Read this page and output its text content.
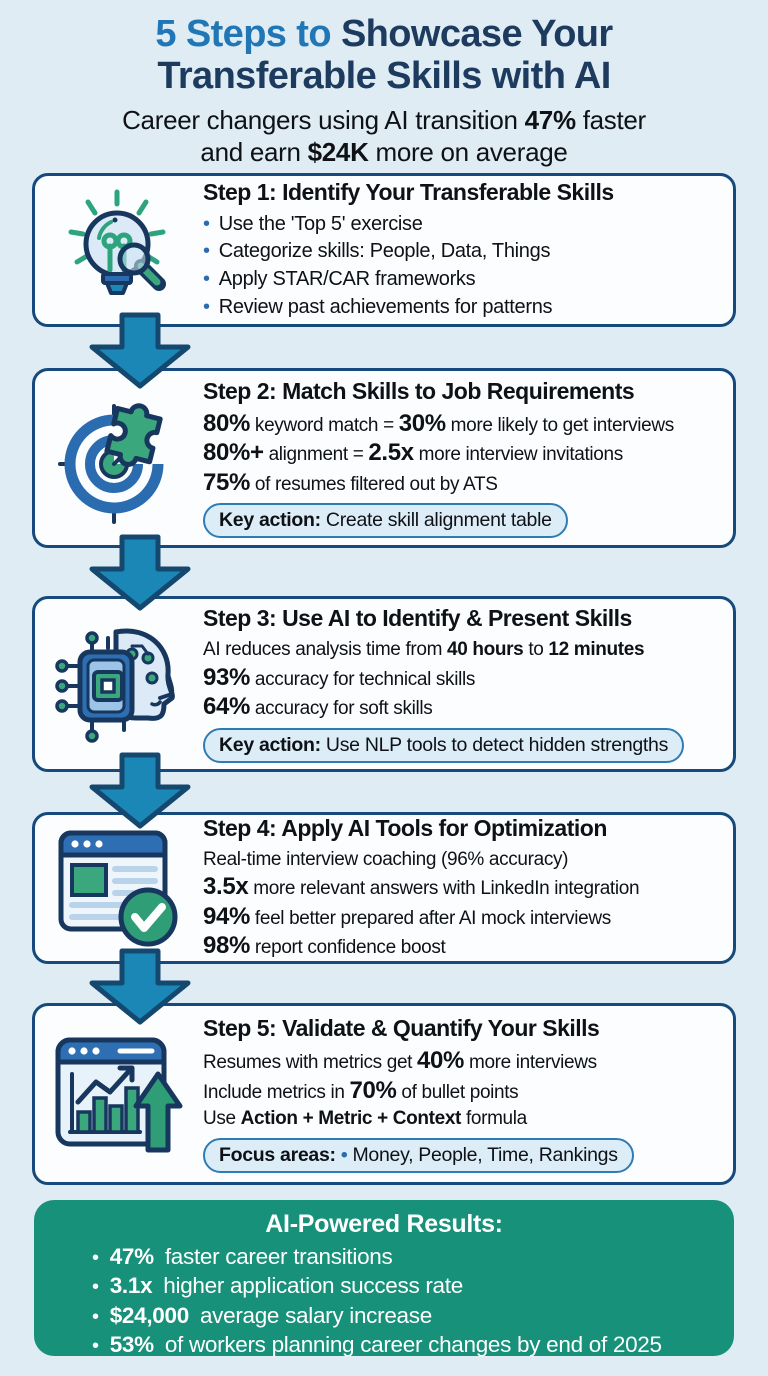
5 Steps to Showcase Your
Transferable Skills with AI
Career changers using AI transition 47% faster
and earn $24K more on average
Step 1: Identify Your Transferable Skills
• Use the 'Top 5' exercise
• Categorize skills: People, Data, Things
• Apply STAR/CAR frameworks
• Review past achievements for patterns
Step 2: Match Skills to Job Requirements
80% keyword match = 30% more likely to get interviews
80%+ alignment = 2.5x more interview invitations
75% of resumes filtered out by ATS
Key action: Create skill alignment table
Step 3: Use AI to Identify & Present Skills
AI reduces analysis time from 40 hours to 12 minutes
93% accuracy for technical skills
64% accuracy for soft skills
Key action: Use NLP tools to detect hidden strengths
Step 4: Apply AI Tools for Optimization
Real-time interview coaching (96% accuracy)
3.5x more relevant answers with LinkedIn integration
94% feel better prepared after AI mock interviews
98% report confidence boost
Step 5: Validate & Quantify Your Skills
Resumes with metrics get 40% more interviews
Include metrics in 70% of bullet points
Use Action + Metric + Context formula
Focus areas: • Money, People, Time, Rankings
AI-Powered Results:
• 47% faster career transitions
• 3.1x higher application success rate
• $24,000 average salary increase
• 53% of workers planning career changes by end of 2025
